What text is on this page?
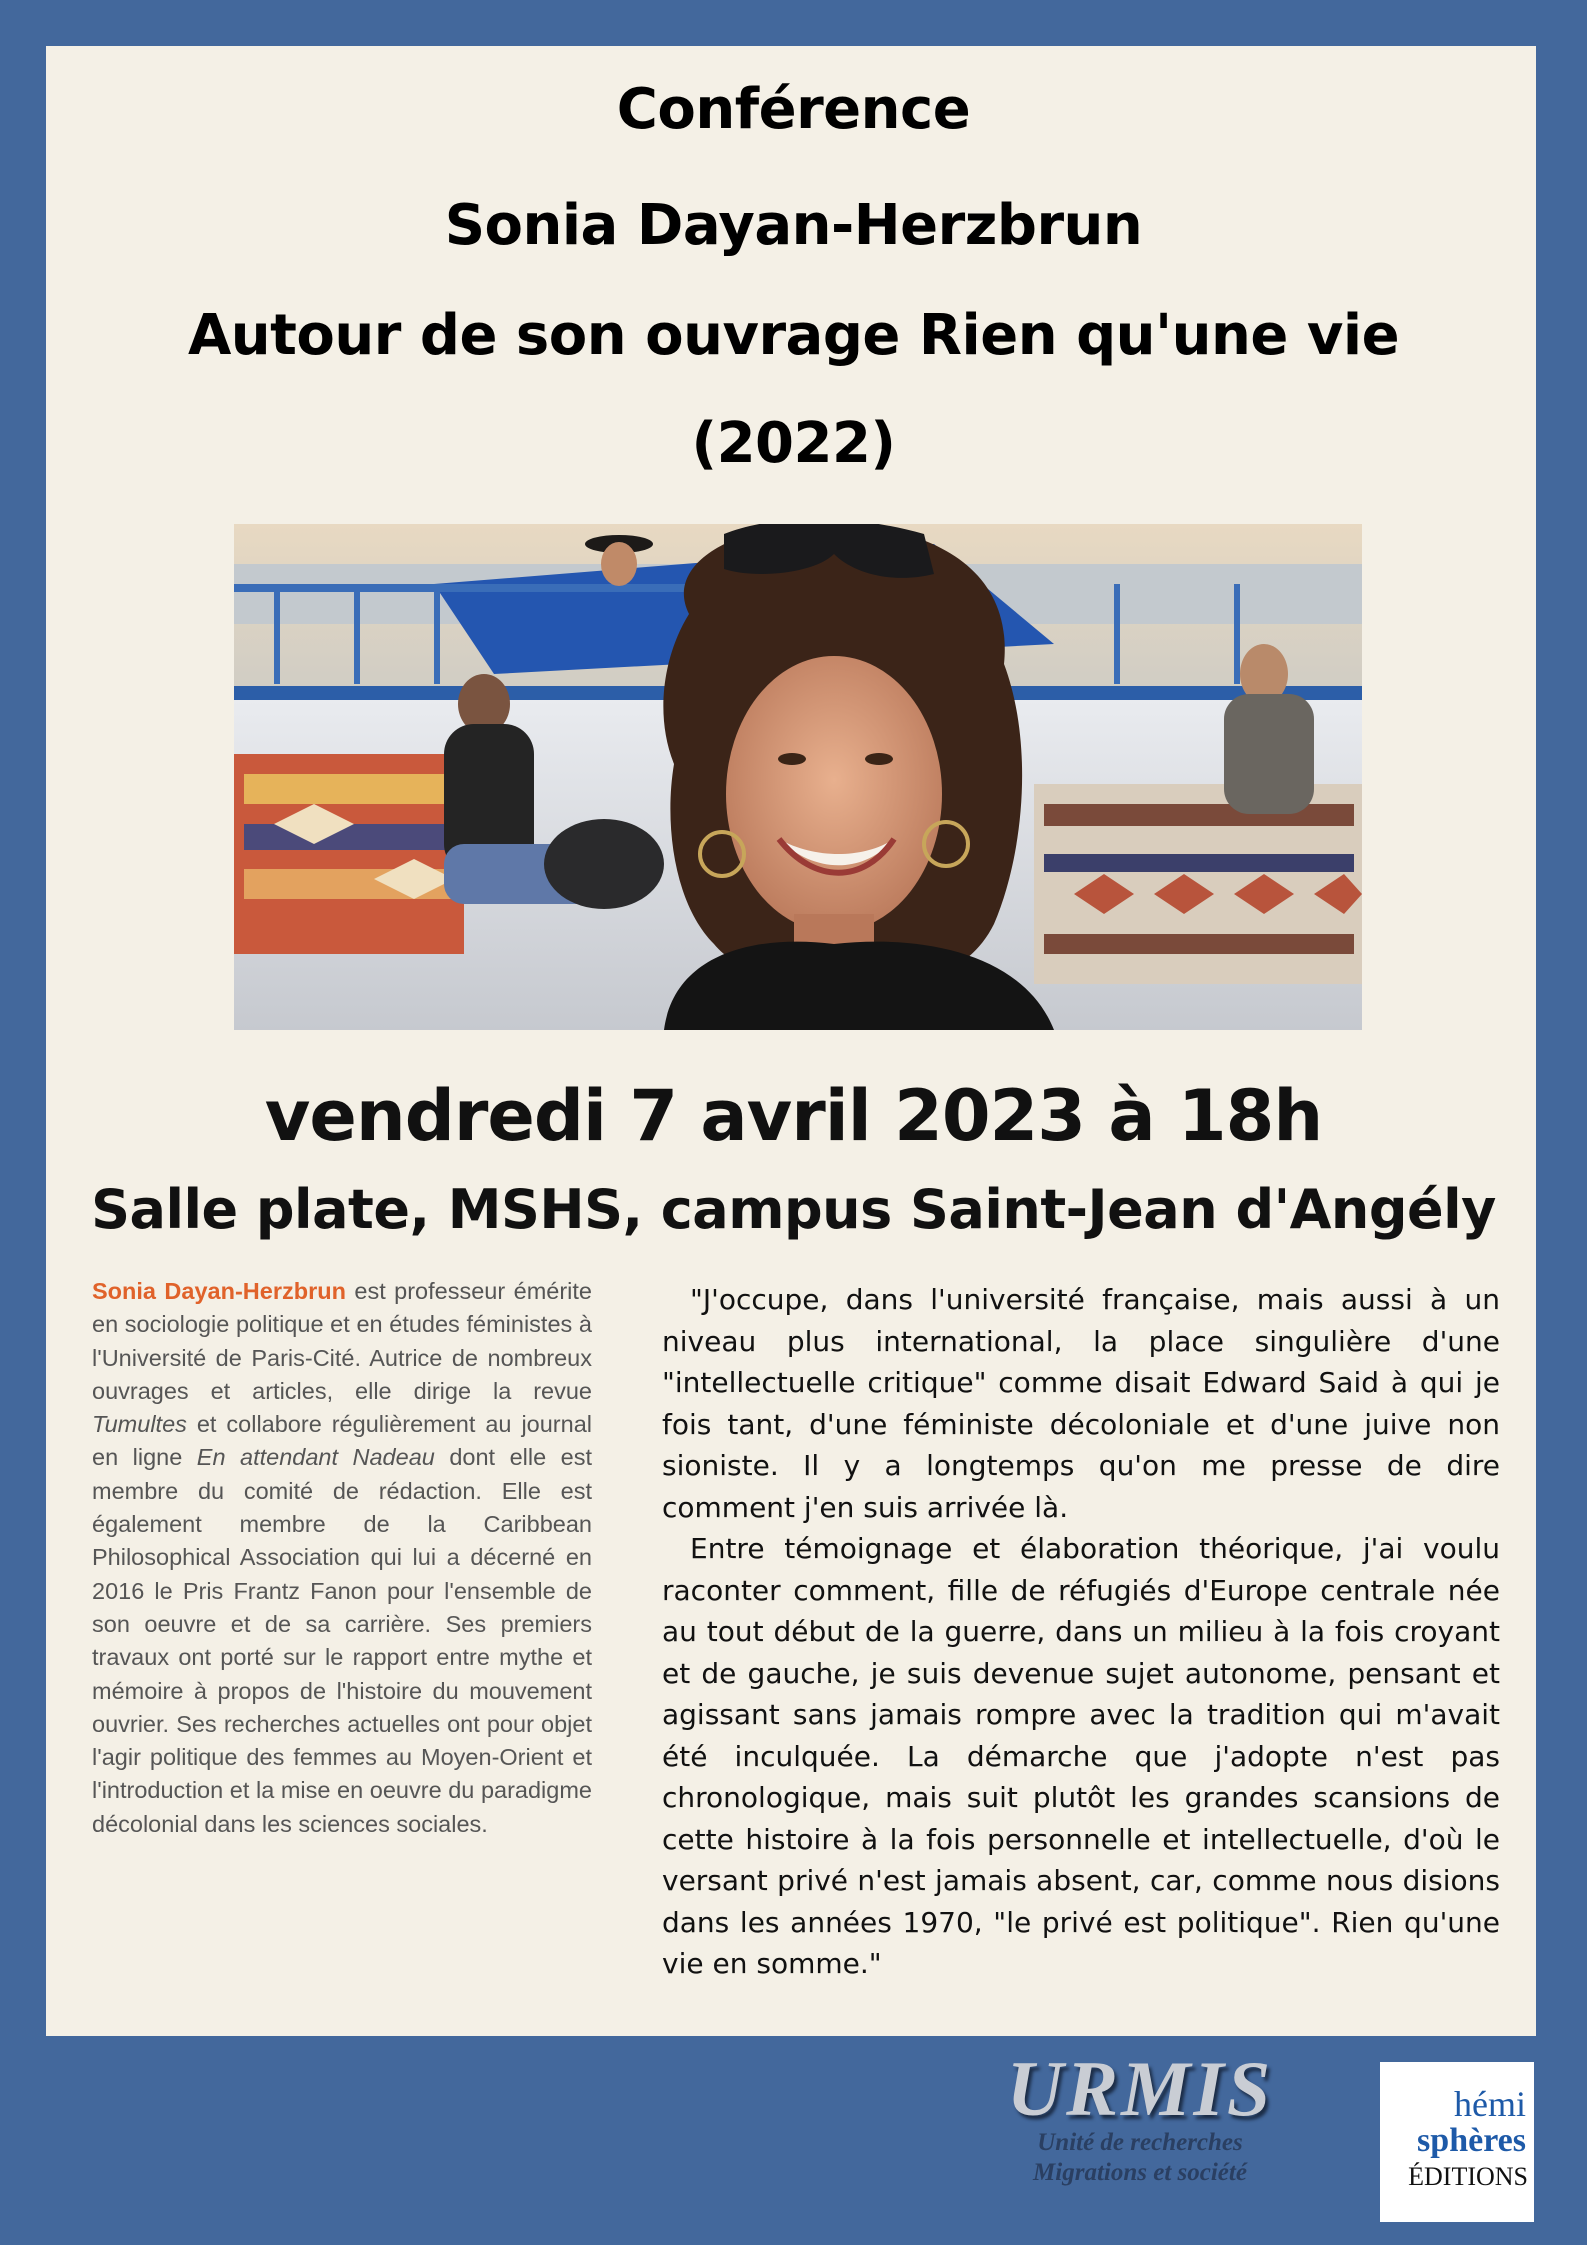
Conférence
Sonia Dayan-Herzbrun
Autour de son ouvrage Rien qu'une vie
(2022)
vendredi 7 avril 2023 à 18h
Salle plate, MSHS, campus Saint-Jean d'Angély
Sonia Dayan-Herzbrun est professeur émérite en sociologie politique et en études féministes à l'Université de Paris-Cité. Autrice de nombreux ouvrages et articles, elle dirige la revue Tumultes et collabore régulièrement au journal en ligne En attendant Nadeau dont elle est membre du comité de rédaction. Elle est également membre de la Caribbean Philosophical Association qui lui a décerné en 2016 le Pris Frantz Fanon pour l'ensemble de son oeuvre et de sa carrière. Ses premiers travaux ont porté sur le rapport entre mythe et mémoire à propos de l'histoire du mouvement ouvrier. Ses recherches actuelles ont pour objet l'agir politique des femmes au Moyen-Orient et l'introduction et la mise en oeuvre du paradigme décolonial dans les sciences sociales.

"J'occupe, dans l'université française, mais aussi à un niveau plus international, la place singulière d'une "intellectuelle critique" comme disait Edward Said à qui je fois tant, d'une féministe décoloniale et d'une juive non sioniste. Il y a longtemps qu'on me presse de dire comment j'en suis arrivée là.

Entre témoignage et élaboration théorique, j'ai voulu raconter comment, fille de réfugiés d'Europe centrale née au tout début de la guerre, dans un milieu à la fois croyant et de gauche, je suis devenue sujet autonome, pensant et agissant sans jamais rompre avec la tradition qui m'avait été inculquée. La démarche que j'adopte n'est pas chronologique, mais suit plutôt les grandes scansions de cette histoire à la fois personnelle et intellectuelle, d'où le versant privé n'est jamais absent, car, comme nous disions dans les années 1970, "le privé est politique". Rien qu'une vie en somme."

URMIS
Unité de recherches
Migrations et société
hémi
sphères
ÉDITIONS
